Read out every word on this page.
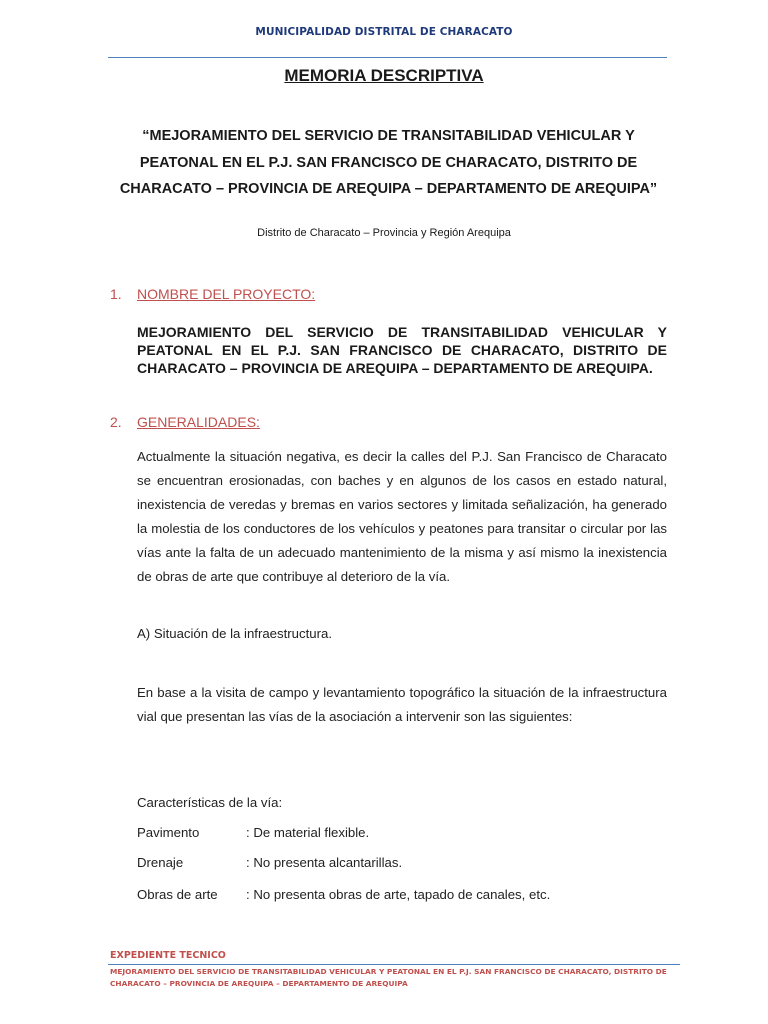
MUNICIPALIDAD DISTRITAL DE CHARACATO
MEMORIA DESCRIPTIVA
“MEJORAMIENTO DEL SERVICIO DE TRANSITABILIDAD VEHICULAR Y PEATONAL EN EL P.J. SAN FRANCISCO DE CHARACATO, DISTRITO DE CHARACATO – PROVINCIA DE AREQUIPA – DEPARTAMENTO DE AREQUIPA”
Distrito de Characato – Provincia y Región Arequipa
1. NOMBRE DEL PROYECTO:
MEJORAMIENTO DEL SERVICIO DE TRANSITABILIDAD VEHICULAR Y PEATONAL EN EL P.J. SAN FRANCISCO DE CHARACATO, DISTRITO DE CHARACATO – PROVINCIA DE AREQUIPA – DEPARTAMENTO DE AREQUIPA.
2. GENERALIDADES:
Actualmente la situación negativa, es decir la calles del P.J. San Francisco de Characato se encuentran erosionadas, con baches y en algunos de los casos en estado natural, inexistencia de veredas y bremas en varios sectores y limitada señalización, ha generado la molestia de los conductores de los vehículos y peatones para transitar o circular por las vías ante la falta de un adecuado mantenimiento de la misma y así mismo la inexistencia de obras de arte que contribuye al deterioro de la vía.
A) Situación de la infraestructura.
En base a la visita de campo y levantamiento topográfico la situación de la infraestructura vial que presentan las vías de la asociación a intervenir son las siguientes:
Características de la vía:
Pavimento	: De material flexible.
Drenaje	: No presenta alcantarillas.
Obras de arte : No presenta obras de arte, tapado de canales, etc.
EXPEDIENTE TECNICO
MEJORAMIENTO DEL SERVICIO DE TRANSITABILIDAD VEHICULAR Y PEATONAL EN EL P.J. SAN FRANCISCO DE CHARACATO, DISTRITO DE CHARACATO – PROVINCIA DE AREQUIPA – DEPARTAMENTO DE AREQUIPA
